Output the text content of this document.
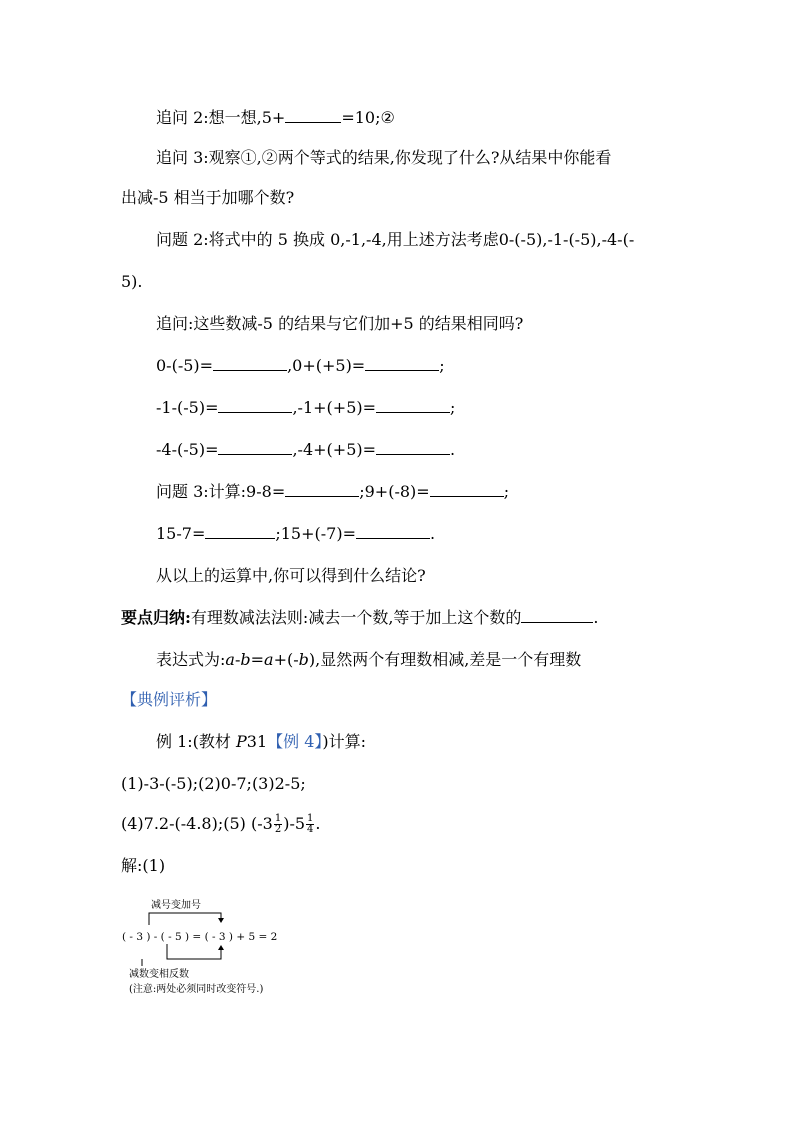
追问 2:想一想,5+	=10;②
追问 3:观察①,②两个等式的结果,你发现了什么?从结果中你能看
出减-5 相当于加哪个数?
问题 2:将式中的 5 换成 0,-1,-4,用上述方法考虑0-(-5),-1-(-5),-4-(-
5).
追问:这些数减-5 的结果与它们加+5 的结果相同吗?
0-(-5)=	,0+(+5)=	;
-1-(-5)=	,-1+(+5)=	;
-4-(-5)=	,-4+(+5)=	.
问题 3:计算:9-8=	;9+(-8)=	;
15-7=	;15+(-7)=	.
从以上的运算中,你可以得到什么结论?
要点归纳:有理数减法法则:减去一个数,等于加上这个数的	.
表达式为:a-b=a+(-b),显然两个有理数相减,差是一个有理数
【典例评析】
例 1:(教材 P31【例 4】)计算:
(1)-3-(-5);(2)0-7;(3)2-5;
(4)7.2-(-4.8);(5) $(-3 \frac{1}{2} )-5 \frac{1}{4}$ .
解:(1)
减号变加号
( - 3 ) - ( - 5 ) = ( - 3 ) + 5 = 2
减数变相反数
(注意:两处必须同时改变符号.)
